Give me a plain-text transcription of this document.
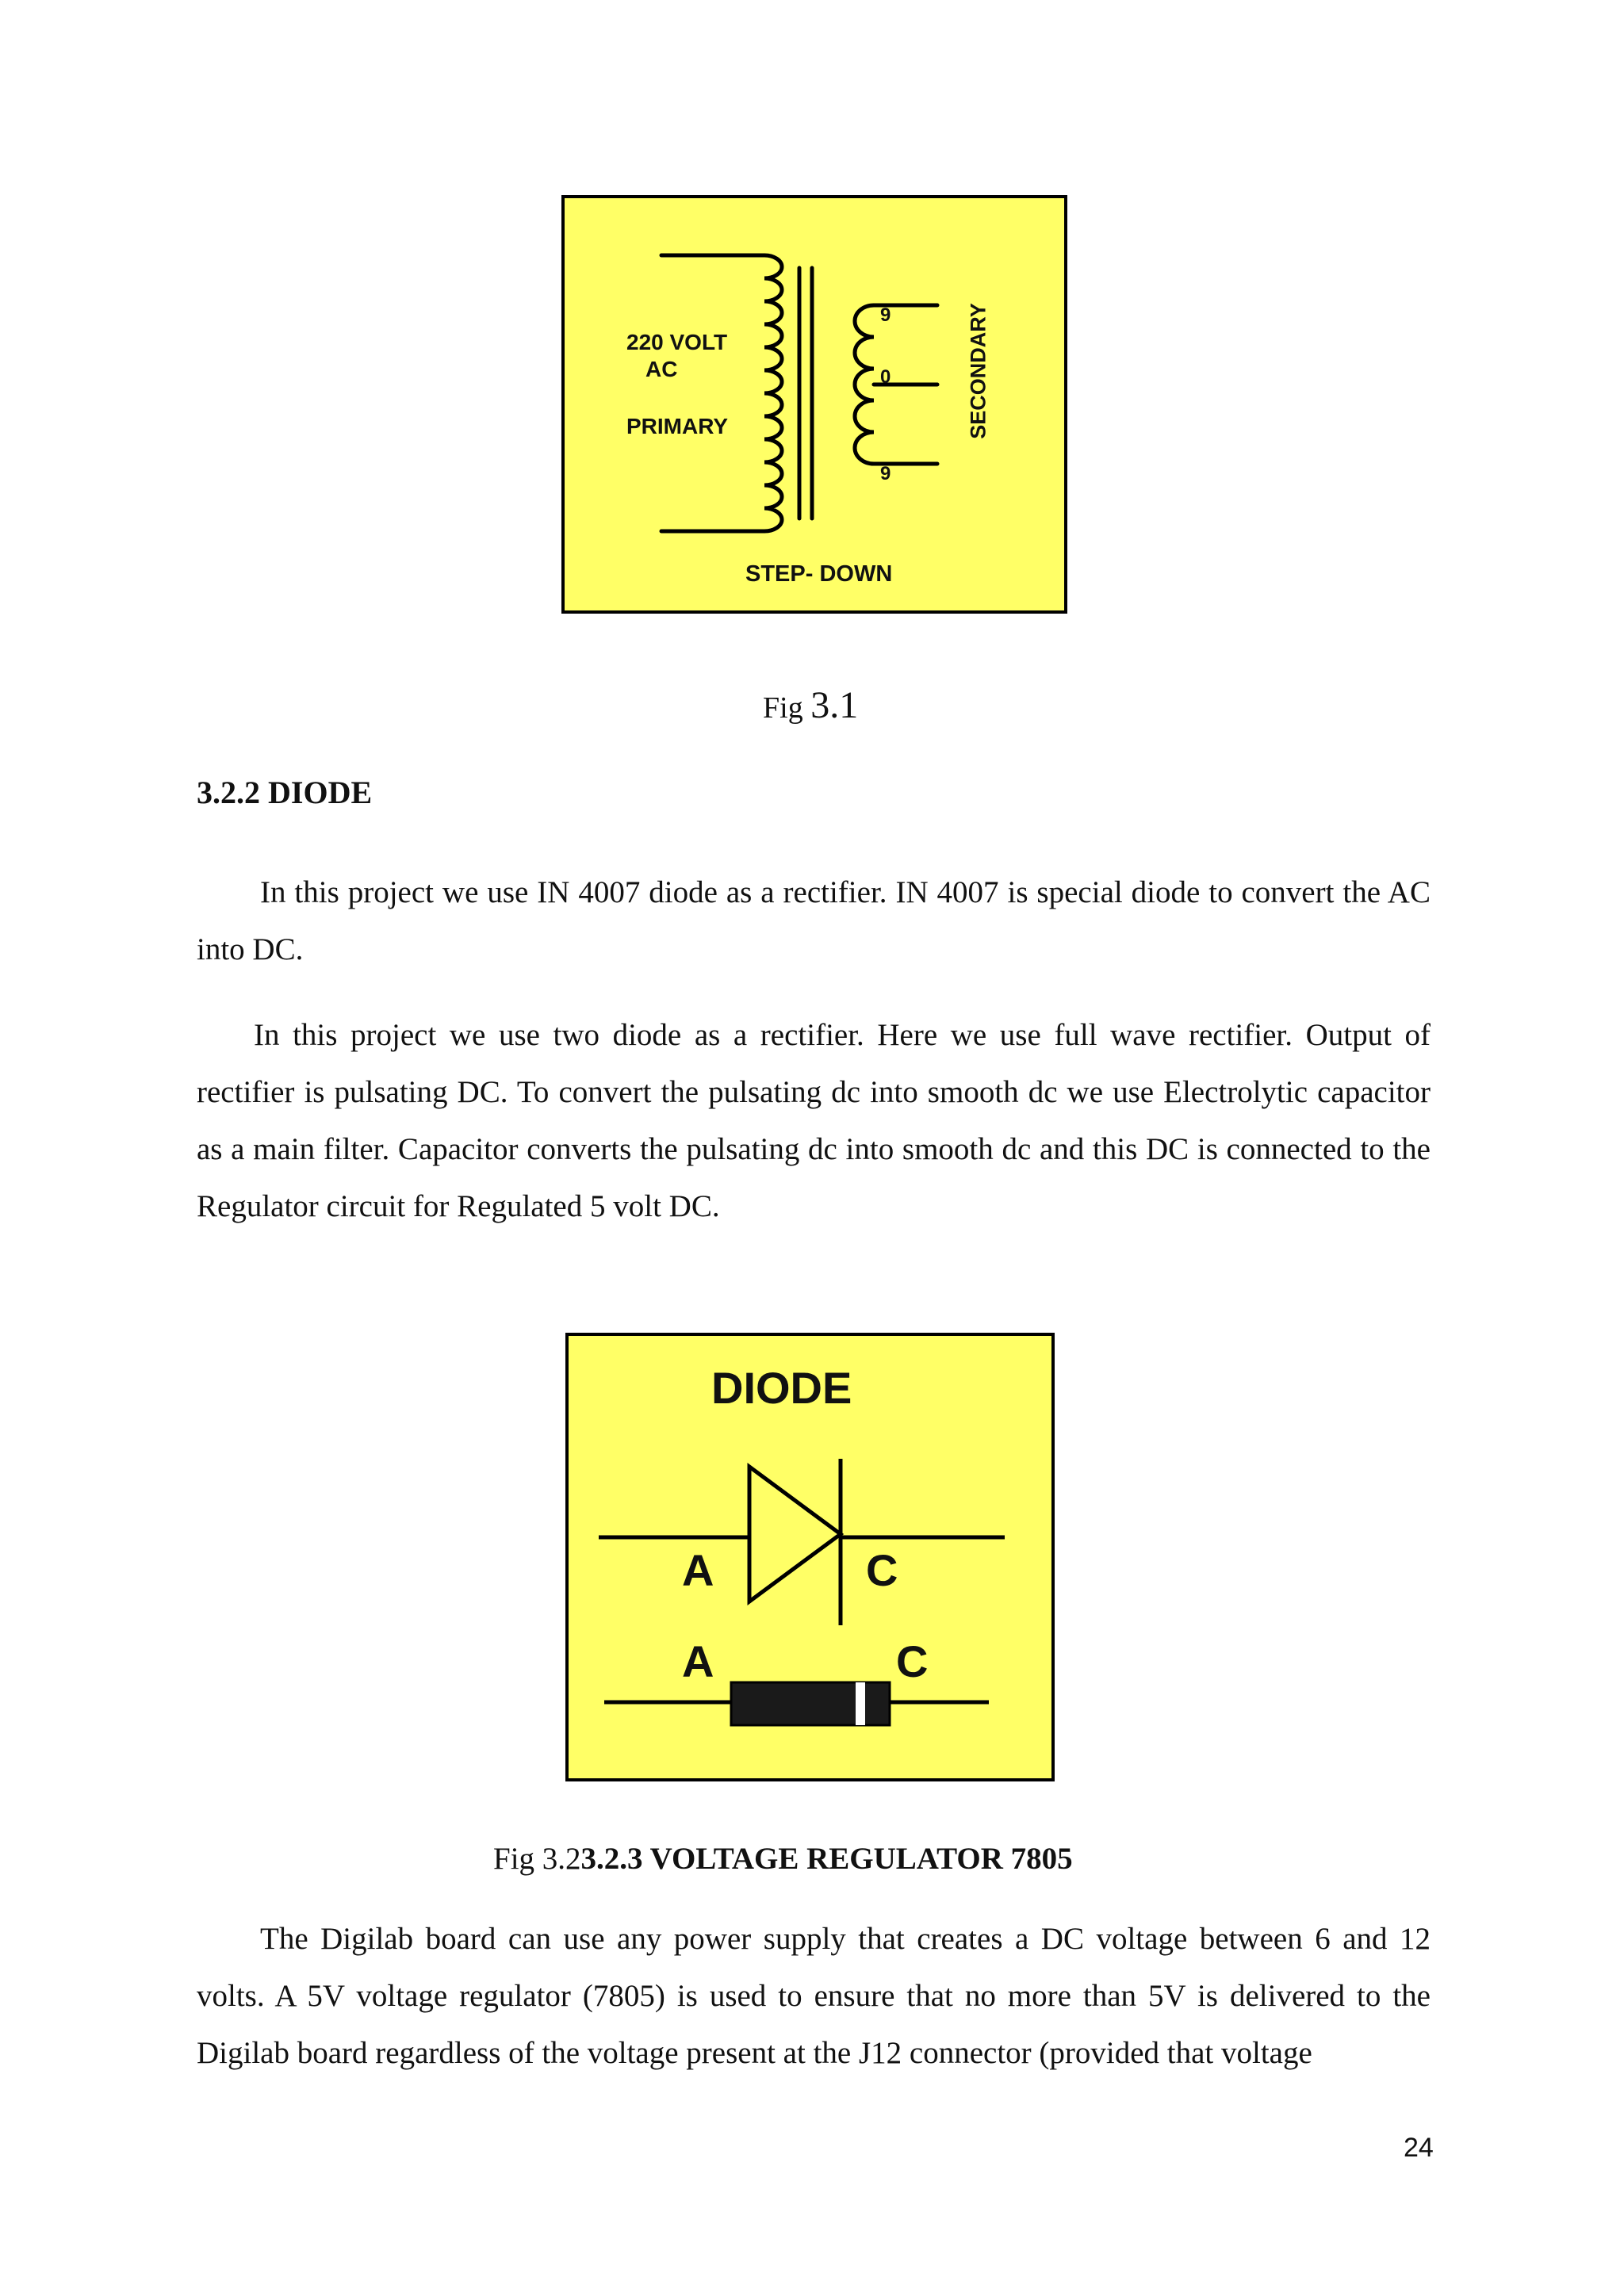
220 VOLT
AC
PRIMARY
9
0
9
SECONDARY
STEP- DOWN
Fig 3.1
3.2.2 DIODE

In this project we use IN 4007 diode as a rectifier. IN 4007 is special diode to convert the AC into DC.

In this project we use two diode as a rectifier. Here we use full wave rectifier. Output of rectifier is pulsating DC. To convert the pulsating dc into smooth dc we use Electrolytic capacitor as a main filter. Capacitor converts the pulsating dc into smooth dc and this DC is connected to the Regulator circuit for Regulated 5 volt DC.

DIODE
A	C
A	C
Fig 3.23.2.3 VOLTAGE REGULATOR 7805

The Digilab board can use any power supply that creates a DC voltage between 6 and 12 volts. A 5V voltage regulator (7805) is used to ensure that no more than 5V is delivered to the Digilab board regardless of the voltage present at the J12 connector (provided that voltage

24
